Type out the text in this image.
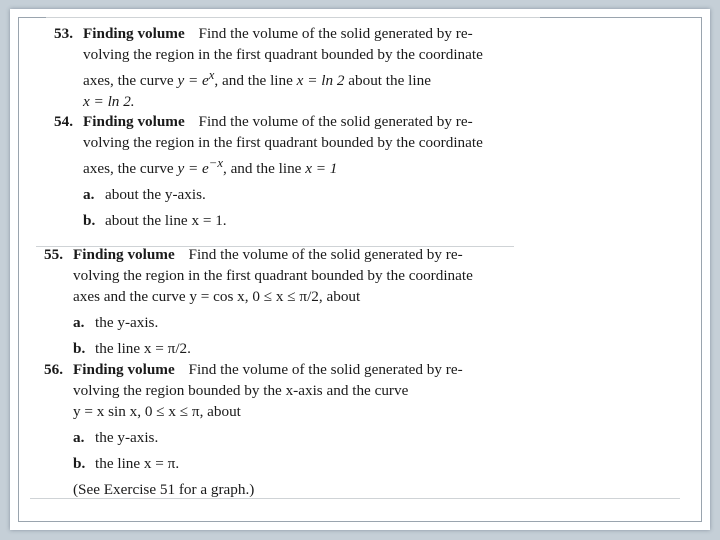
53. Finding volume Find the volume of the solid generated by re-
volving the region in the first quadrant bounded by the coordinate
axes, the curve $y = e^x$, and the line x = ln 2 about the line
x = ln 2.
54. Finding volume Find the volume of the solid generated by re-
volving the region in the first quadrant bounded by the coordinate
axes, the curve $y = e^{-x}$, and the line x = 1
a. about the y-axis.
b. about the line x = 1.
55. Finding volume Find the volume of the solid generated by re-
volving the region in the first quadrant bounded by the coordinate
axes and the curve y = cos x, 0 ≤ x ≤ π/2, about
a. the y-axis.
b. the line x = π/2.
56. Finding volume Find the volume of the solid generated by re-
volving the region bounded by the x-axis and the curve
y = x sin x, 0 ≤ x ≤ π, about
a. the y-axis.
b. the line x = π.
(See Exercise 51 for a graph.)
